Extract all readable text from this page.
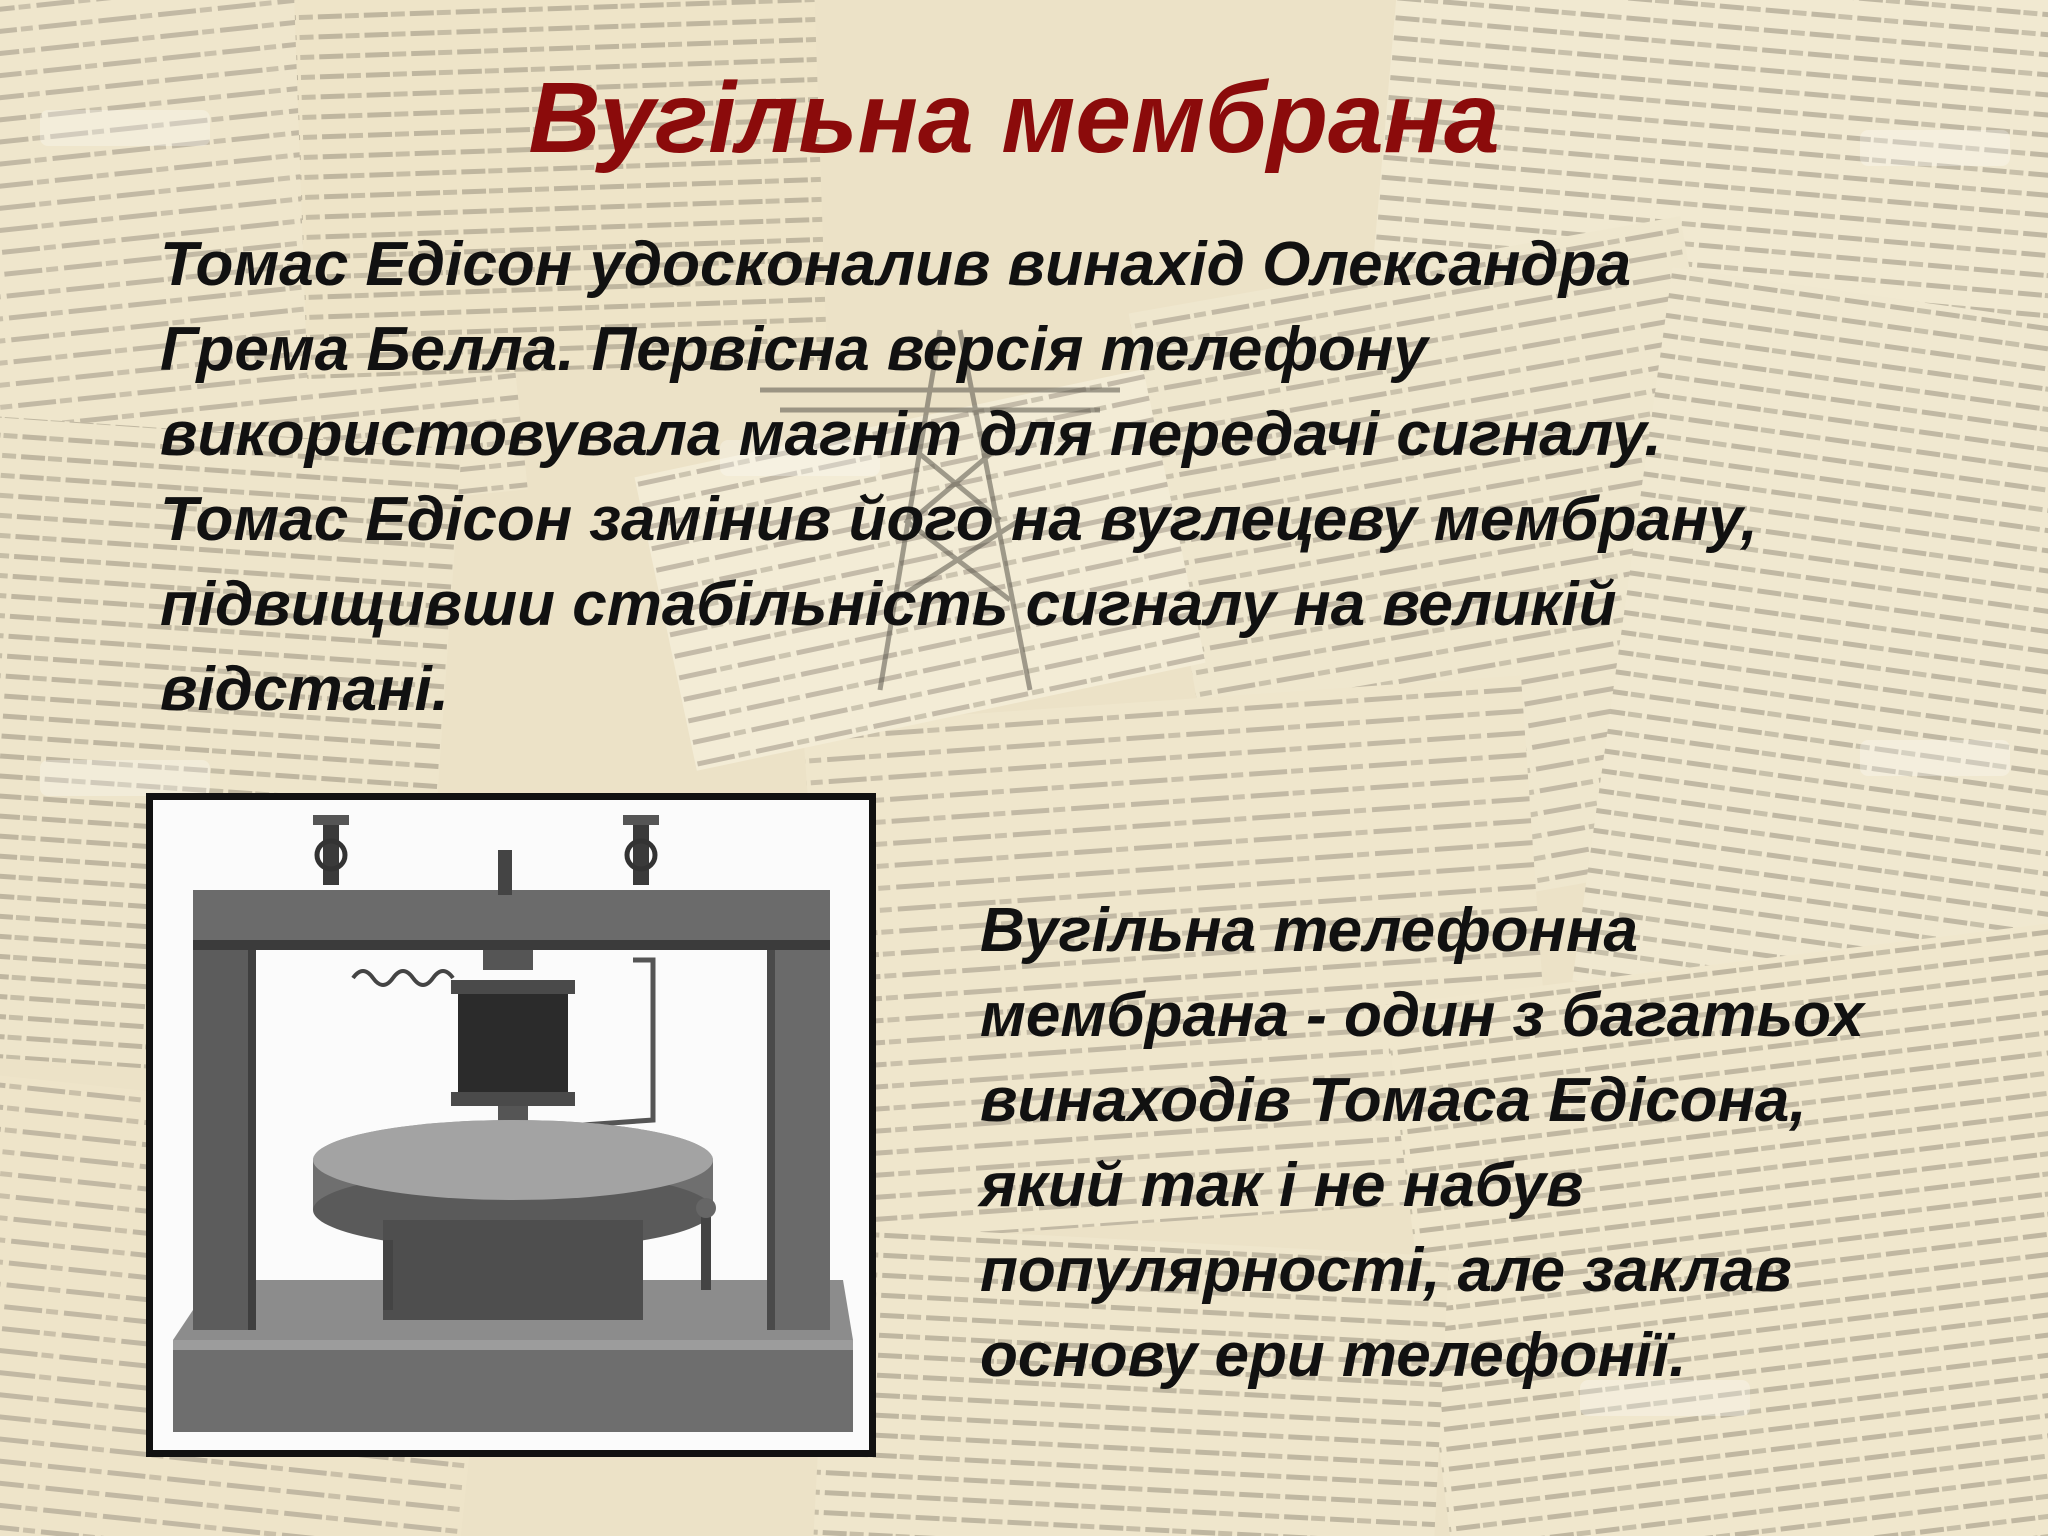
Вугільна мембрана
Томас Едісон удосконалив винахід Олександра
Грема Белла. Первісна версія телефону
використовувала магніт для передачі сигналу.
Томас Едісон замінив його на вуглецеву мембрану,
підвищивши стабільність сигналу на великій
відстані.
Вугільна телефонна
мембрана - один з багатьох
винаходів Томаса Едісона,
який так і не набув
популярності, але заклав
основу ери телефонії.
